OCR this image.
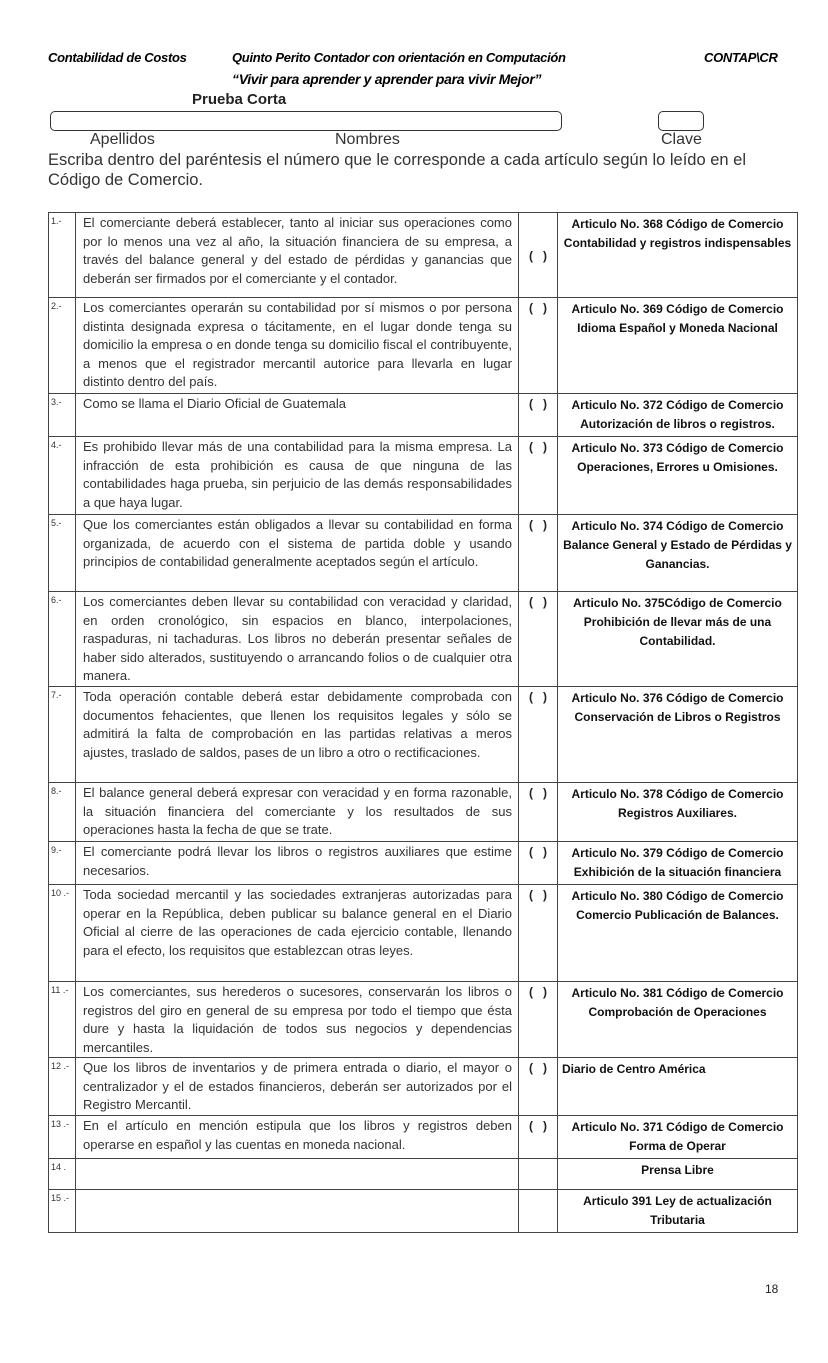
Contabilidad de Costos	Quinto Perito Contador con orientación en Computación	CONTAP\CR
“Vivir para aprender y aprender para vivir Mejor”
Prueba Corta
Apellidos	Nombres	Clave
Escriba dentro del paréntesis el número que le corresponde a cada artículo según lo leído en el Código de Comercio.
1.-	El comerciante deberá establecer, tanto al iniciar sus operaciones como por lo menos una vez al año, la situación financiera de su empresa, a través del balance general y del estado de pérdidas y ganancias que deberán ser firmados por el comerciante y el contador.	(   )	Articulo No. 368 Código de Comercio Contabilidad y registros indispensables
2.-	Los comerciantes operarán su contabilidad por sí mismos o por persona distinta designada expresa o tácitamente, en el lugar donde tenga su domicilio la empresa o en donde tenga su domicilio fiscal el contribuyente, a menos que el registrador mercantil autorice para llevarla en lugar distinto dentro del país.	(   )	Articulo No. 369 Código de Comercio Idioma Español y Moneda Nacional
3.-	Como se llama el Diario Oficial de Guatemala	(   )	Articulo No. 372 Código de Comercio Autorización de libros o registros.
4.-	Es prohibido llevar más de una contabilidad para la misma empresa. La infracción de esta prohibición es causa de que ninguna de las contabilidades haga prueba, sin perjuicio de las demás responsabilidades a que haya lugar.	(   )	Articulo No. 373 Código de Comercio Operaciones, Errores u Omisiones.
5.-	Que los comerciantes están obligados a llevar su contabilidad en forma organizada, de acuerdo con el sistema de partida doble y usando principios de contabilidad generalmente aceptados según el artículo.	(   )	Articulo No. 374 Código de Comercio Balance General y Estado de Pérdidas y Ganancias.
6.-	Los comerciantes deben llevar su contabilidad con veracidad y claridad, en orden cronológico, sin espacios en blanco, interpolaciones, raspaduras, ni tachaduras. Los libros no deberán presentar señales de haber sido alterados, sustituyendo o arrancando folios o de cualquier otra manera.	(   )	Articulo No. 375Código de Comercio Prohibición de llevar más de una Contabilidad.
7.-	Toda operación contable deberá estar debidamente comprobada con documentos fehacientes, que llenen los requisitos legales y sólo se admitirá la falta de comprobación en las partidas relativas a meros ajustes, traslado de saldos, pases de un libro a otro o rectificaciones.	(   )	Articulo No. 376 Código de Comercio Conservación de Libros o Registros
8.-	El balance general deberá expresar con veracidad y en forma razonable, la situación financiera del comerciante y los resultados de sus operaciones hasta la fecha de que se trate.	(   )	Articulo No. 378 Código de Comercio Registros Auxiliares.
9.-	El comerciante podrá llevar los libros o registros auxiliares que estime necesarios.	(   )	Articulo No. 379 Código de Comercio Exhibición de la situación financiera
10 .-	Toda sociedad mercantil y las sociedades extranjeras autorizadas para operar en la República, deben publicar su balance general en el Diario Oficial al cierre de las operaciones de cada ejercicio contable, llenando para el efecto, los requisitos que establezcan otras leyes.	(   )	Articulo No. 380 Código de Comercio Comercio Publicación de Balances.
11 .-	Los comerciantes, sus herederos o sucesores, conservarán los libros o registros del giro en general de su empresa por todo el tiempo que ésta dure y hasta la liquidación de todos sus negocios y dependencias mercantiles.	(   )	Articulo No. 381 Código de Comercio Comprobación de Operaciones
12 .-	Que los libros de inventarios y de primera entrada o diario, el mayor o centralizador y el de estados financieros, deberán ser autorizados por el Registro Mercantil.	(   )	Diario de Centro América
13 .-	En el artículo en mención estipula que los libros y registros deben operarse en español y las cuentas en moneda nacional.	(   )	Articulo No. 371 Código de Comercio Forma de Operar
14 .			Prensa Libre
15 .-			Articulo 391 Ley de actualización Tributaria
18
